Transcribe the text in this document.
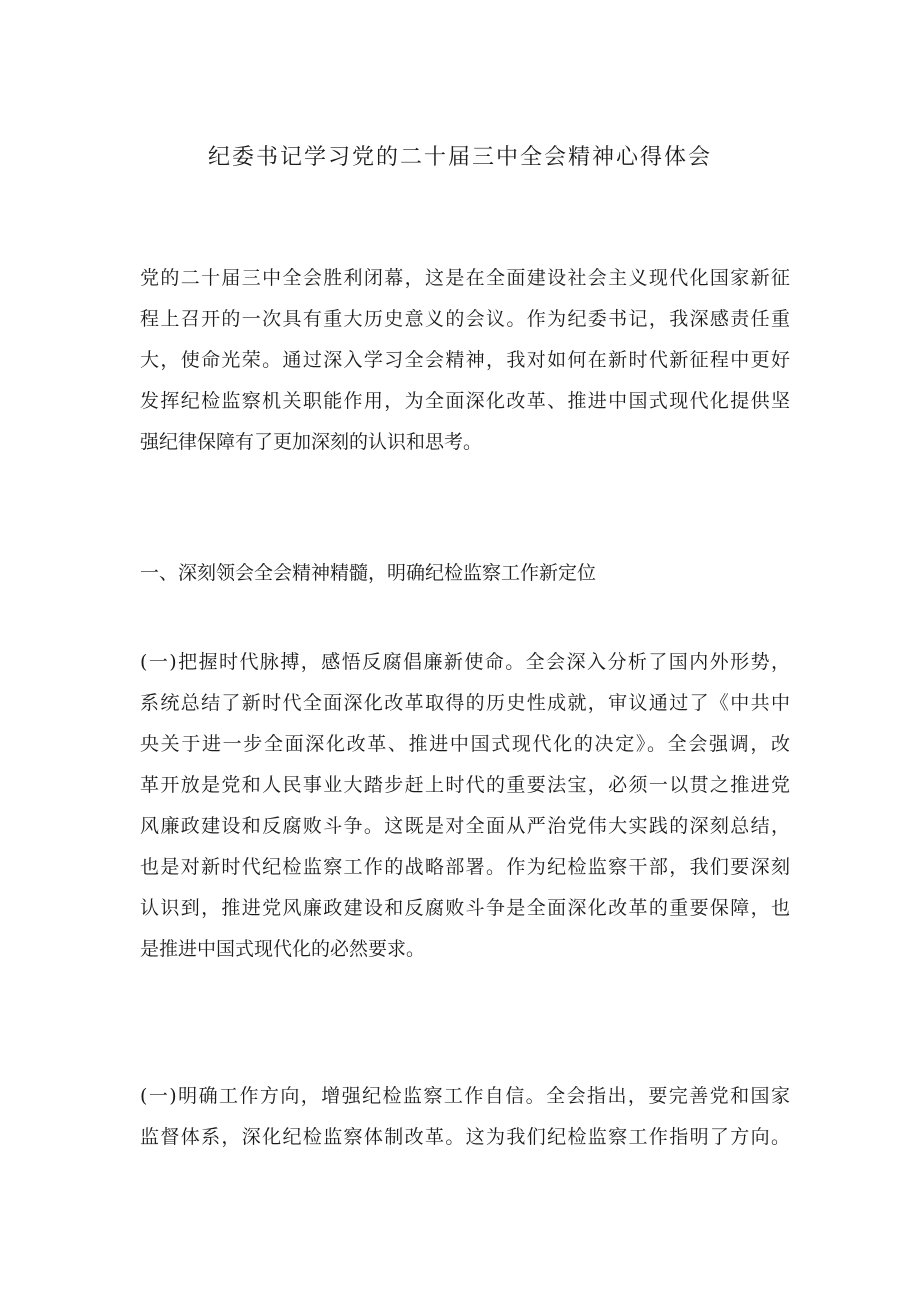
纪委书记学习党的二十届三中全会精神心得体会
党的二十届三中全会胜利闭幕，这是在全面建设社会主义现代化国家新征
程上召开的一次具有重大历史意义的会议。作为纪委书记，我深感责任重
大，使命光荣。通过深入学习全会精神，我对如何在新时代新征程中更好
发挥纪检监察机关职能作用，为全面深化改革、推进中国式现代化提供坚
强纪律保障有了更加深刻的认识和思考。
一、深刻领会全会精神精髓，明确纪检监察工作新定位
(一)把握时代脉搏，感悟反腐倡廉新使命。全会深入分析了国内外形势，
系统总结了新时代全面深化改革取得的历史性成就，审议通过了《中共中
央关于进一步全面深化改革、推进中国式现代化的决定》。全会强调，改
革开放是党和人民事业大踏步赶上时代的重要法宝，必须一以贯之推进党
风廉政建设和反腐败斗争。这既是对全面从严治党伟大实践的深刻总结，
也是对新时代纪检监察工作的战略部署。作为纪检监察干部，我们要深刻
认识到，推进党风廉政建设和反腐败斗争是全面深化改革的重要保障，也
是推进中国式现代化的必然要求。
(一)明确工作方向，增强纪检监察工作自信。全会指出，要完善党和国家
监督体系，深化纪检监察体制改革。这为我们纪检监察工作指明了方向。
